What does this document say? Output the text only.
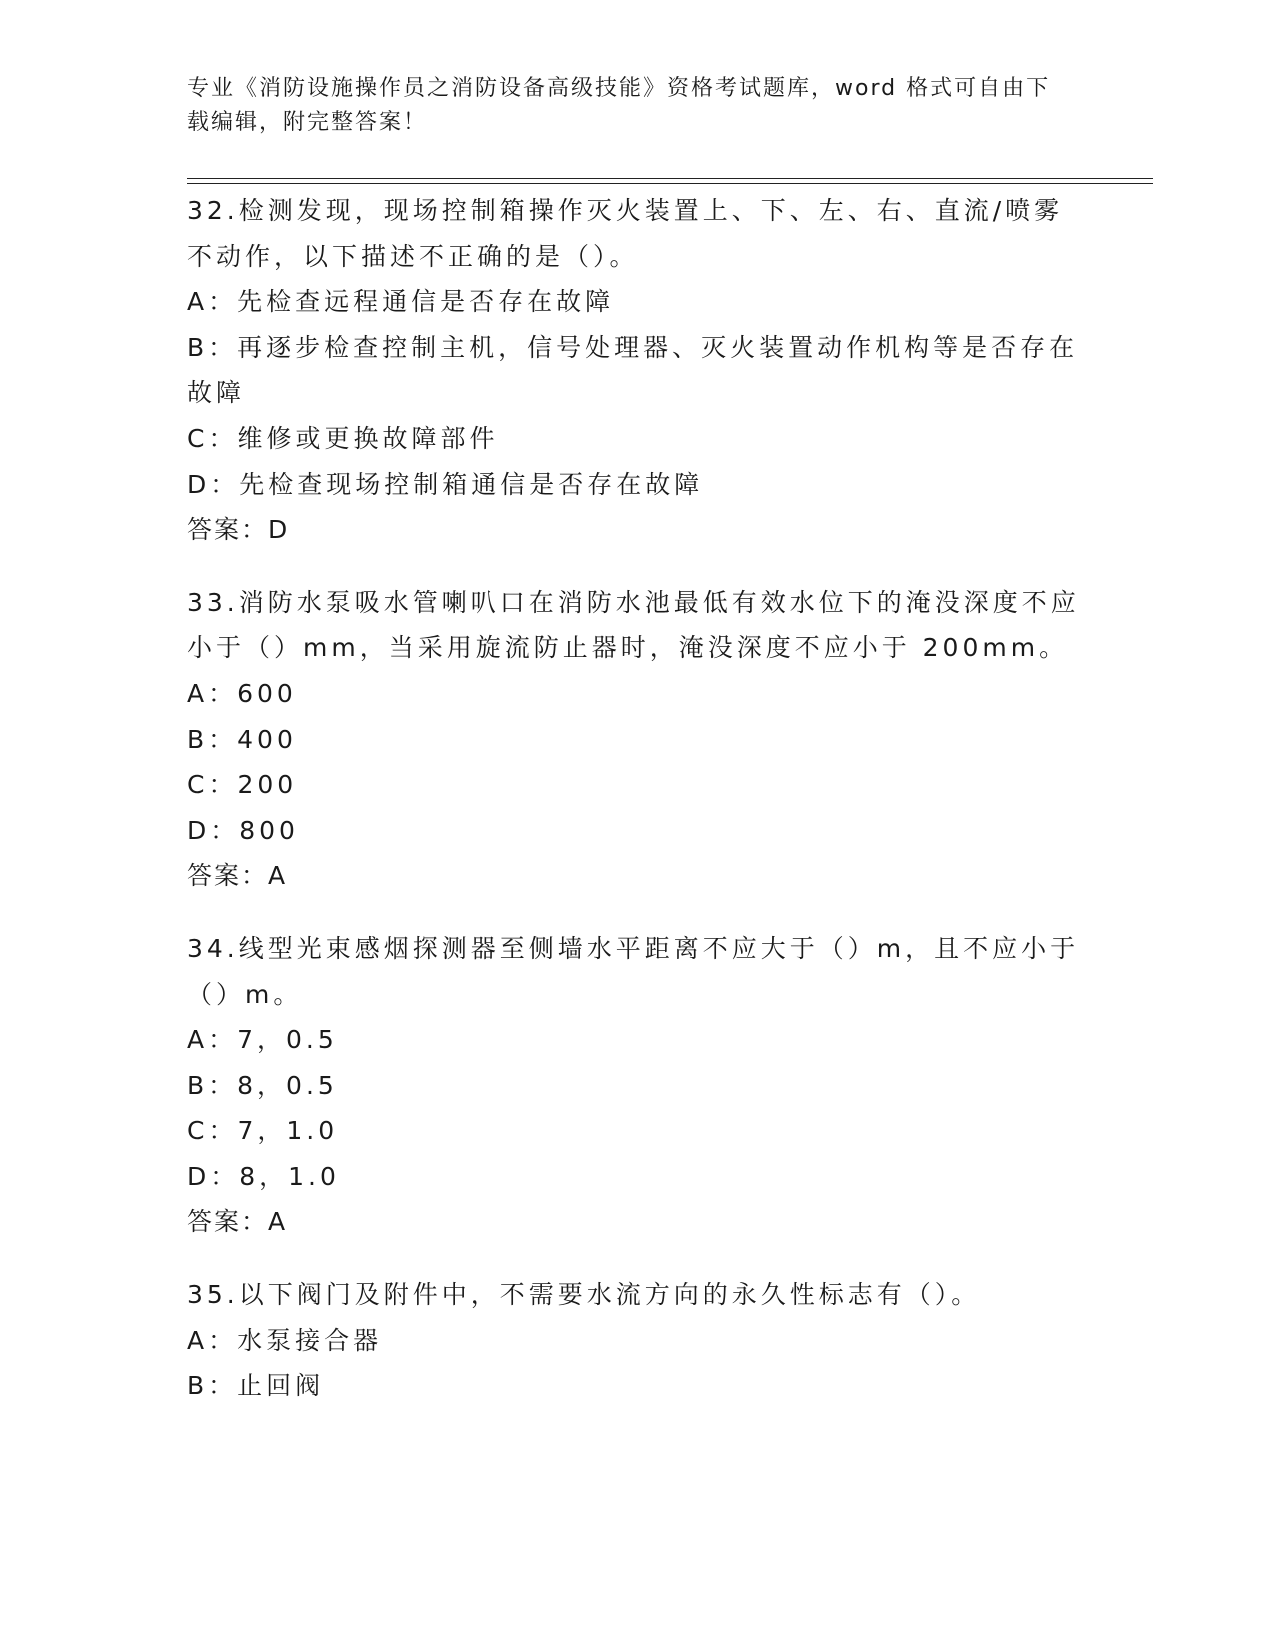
专业《消防设施操作员之消防设备高级技能》资格考试题库，word 格式可自由下载编辑，附完整答案！
32.检测发现，现场控制箱操作灭火装置上、下、左、右、直流/喷雾不动作，以下描述不正确的是（）。
A：先检查远程通信是否存在故障
B：再逐步检查控制主机，信号处理器、灭火装置动作机构等是否存在故障
C：维修或更换故障部件
D：先检查现场控制箱通信是否存在故障
答案：D
33.消防水泵吸水管喇叭口在消防水池最低有效水位下的淹没深度不应小于（）mm，当采用旋流防止器时，淹没深度不应小于 200mm。
A：600
B：400
C：200
D：800
答案：A
34.线型光束感烟探测器至侧墙水平距离不应大于（）m，且不应小于（）m。
A：7，0.5
B：8，0.5
C：7，1.0
D：8，1.0
答案：A
35.以下阀门及附件中，不需要水流方向的永久性标志有（）。
A：水泵接合器
B：止回阀
